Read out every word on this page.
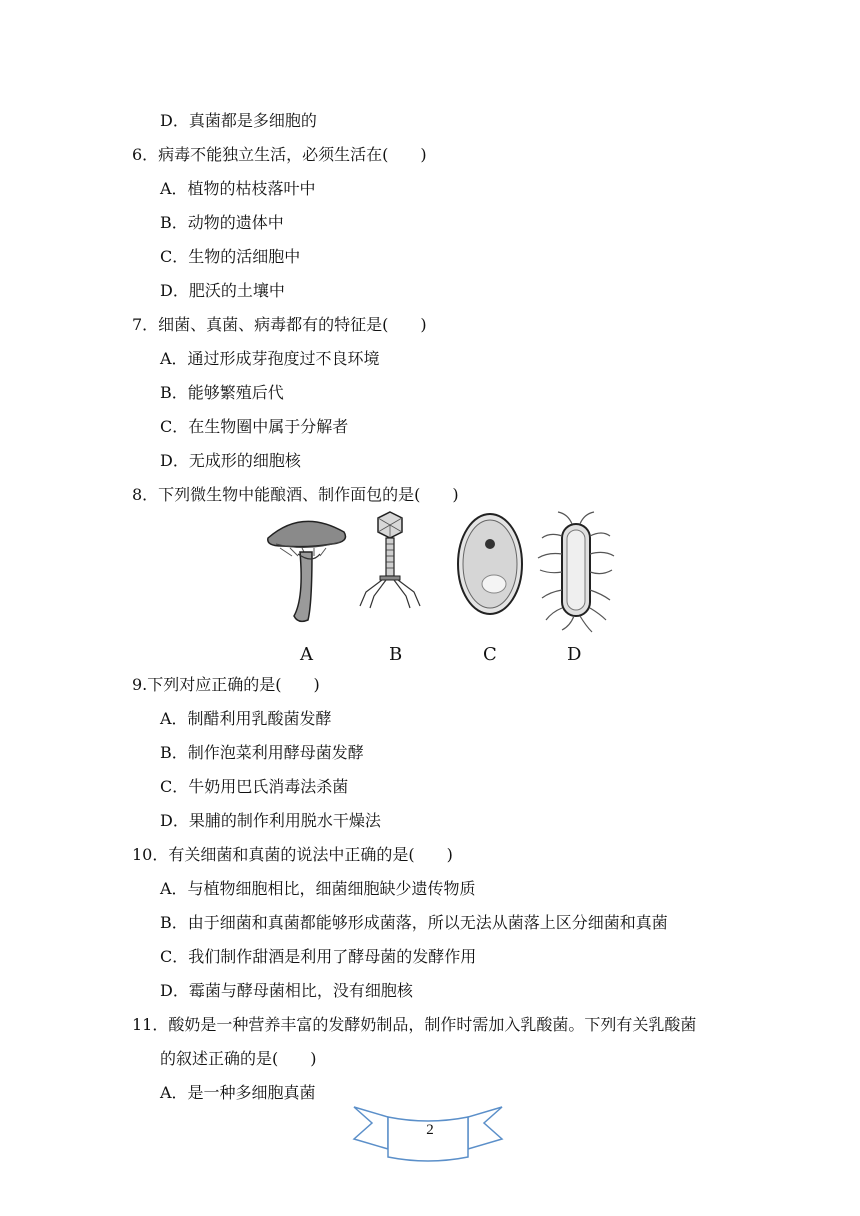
D．真菌都是多细胞的
6．病毒不能独立生活，必须生活在(　　)
A．植物的枯枝落叶中
B．动物的遗体中
C．生物的活细胞中
D．肥沃的土壤中
7．细菌、真菌、病毒都有的特征是(　　)
A．通过形成芽孢度过不良环境
B．能够繁殖后代
C．在生物圈中属于分解者
D．无成形的细胞核
8．下列微生物中能酿酒、制作面包的是(　　)
A	B	C	D
9.下列对应正确的是(　　)
A．制醋利用乳酸菌发酵
B．制作泡菜利用酵母菌发酵
C．牛奶用巴氏消毒法杀菌
D．果脯的制作利用脱水干燥法
10．有关细菌和真菌的说法中正确的是(　　)
A．与植物细胞相比，细菌细胞缺少遗传物质
B．由于细菌和真菌都能够形成菌落，所以无法从菌落上区分细菌和真菌
C．我们制作甜酒是利用了酵母菌的发酵作用
D．霉菌与酵母菌相比，没有细胞核
11．酸奶是一种营养丰富的发酵奶制品，制作时需加入乳酸菌。下列有关乳酸菌
的叙述正确的是(　　)
A．是一种多细胞真菌
2
